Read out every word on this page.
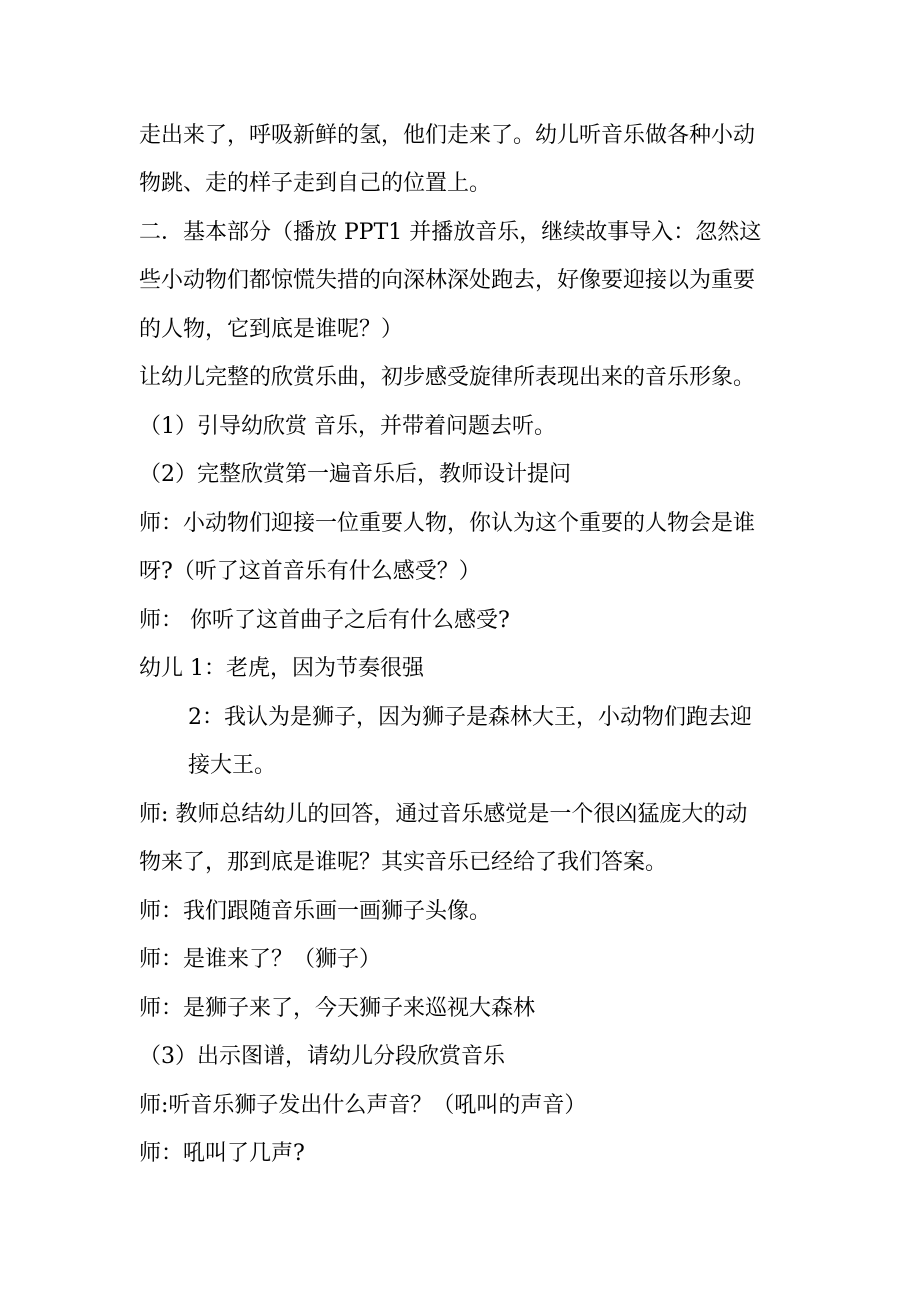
走出来了，呼吸新鲜的氢，他们走来了。幼儿听音乐做各种小动
物跳、走的样子走到自己的位置上。
二．基本部分（播放 PPT1 并播放音乐，继续故事导入：忽然这
些小动物们都惊慌失措的向深林深处跑去，好像要迎接以为重要
的人物，它到底是谁呢？）
让幼儿完整的欣赏乐曲，初步感受旋律所表现出来的音乐形象。
（1）引导幼欣赏 音乐，并带着问题去听。
（2）完整欣赏第一遍音乐后，教师设计提问
师：小动物们迎接一位重要人物，你认为这个重要的人物会是谁
呀?（听了这首音乐有什么感受？）
师： 你听了这首曲子之后有什么感受?
幼儿 1：老虎，因为节奏很强
2：我认为是狮子，因为狮子是森林大王，小动物们跑去迎
接大王。
师: 教师总结幼儿的回答，通过音乐感觉是一个很凶猛庞大的动
物来了，那到底是谁呢？其实音乐已经给了我们答案。
师：我们跟随音乐画一画狮子头像。
师：是谁来了？（狮子）
师：是狮子来了，今天狮子来巡视大森林
（3）出示图谱，请幼儿分段欣赏音乐
师:听音乐狮子发出什么声音？（吼叫的声音）
师：吼叫了几声?
